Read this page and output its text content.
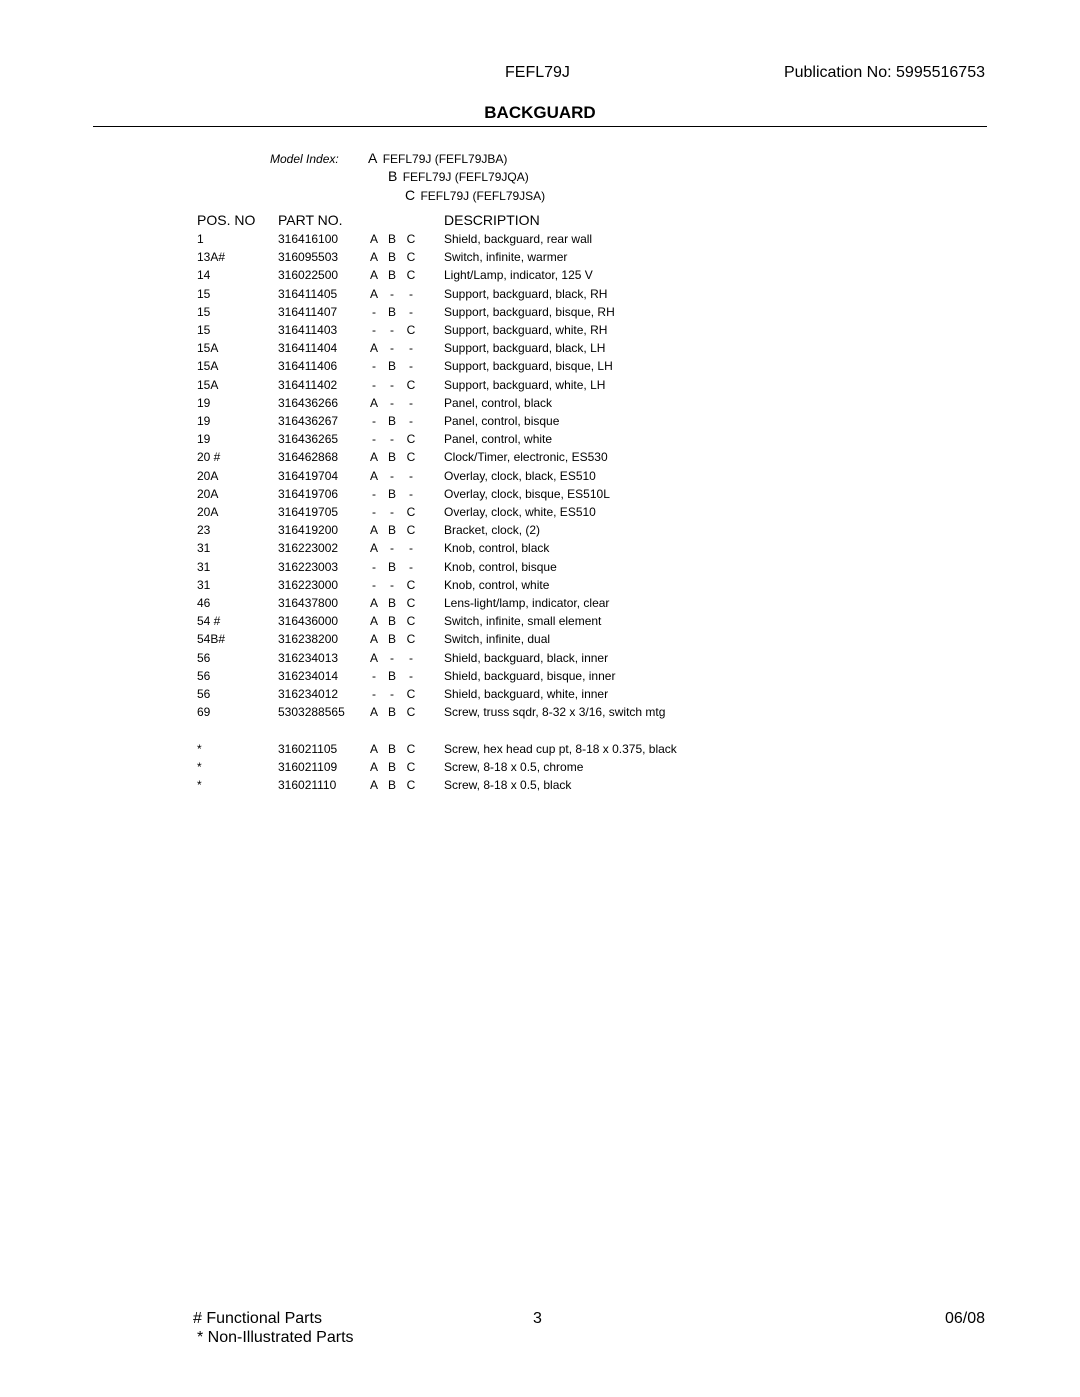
FEFL79J	Publication No: 5995516753
BACKGUARD
Model Index: A FEFL79J (FEFL79JBA)
B FEFL79J (FEFL79JQA)
C FEFL79J (FEFL79JSA)
POS. NO PART NO.	DESCRIPTION
1	316416100	A B C Shield, backguard, rear wall
13A#	316095503	A B C Switch, infinite, warmer
14	316022500	A B C Light/Lamp, indicator, 125 V
15	316411405	A	-	-	Support, backguard, black, RH
15	316411407	- B	-	Support, backguard, bisque, RH
15	316411403	-	-	C Support, backguard, white, RH
15A	316411404	A	-	-	Support, backguard, black, LH
15A	316411406	- B	-	Support, backguard, bisque, LH
15A	316411402	-	-	C Support, backguard, white, LH
19	316436266	A	-	-	Panel, control, black
19	316436267	- B	-	Panel, control, bisque
19	316436265	-	-	C Panel, control, white
20 #	316462868	A B C Clock/Timer, electronic, ES530
20A	316419704	A	-	-	Overlay, clock, black, ES510
20A	316419706	- B	-	Overlay, clock, bisque, ES510L
20A	316419705	-	-	C Overlay, clock, white, ES510
23	316419200	A B C Bracket, clock, (2)
31	316223002	A	-	-	Knob, control, black
31	316223003	- B	-	Knob, control, bisque
31	316223000	-	-	C Knob, control, white
46	316437800	A B C Lens-light/lamp, indicator, clear
54 #	316436000	A B C Switch, infinite, small element
54B#	316238200	A B C Switch, infinite, dual
56	316234013	A	-	-	Shield, backguard, black, inner
56	316234014	- B	-	Shield, backguard, bisque, inner
56	316234012	-	-	C Shield, backguard, white, inner
69	5303288565 A B C Screw, truss sqdr, 8-32 x 3/16, switch mtg
*	316021105	A B C Screw, hex head cup pt, 8-18 x 0.375, black
*	316021109	A B C Screw, 8-18 x 0.5, chrome
*	316021110	A B C Screw, 8-18 x 0.5, black
# Functional Parts
* Non-Illustrated Parts
3	06/08
